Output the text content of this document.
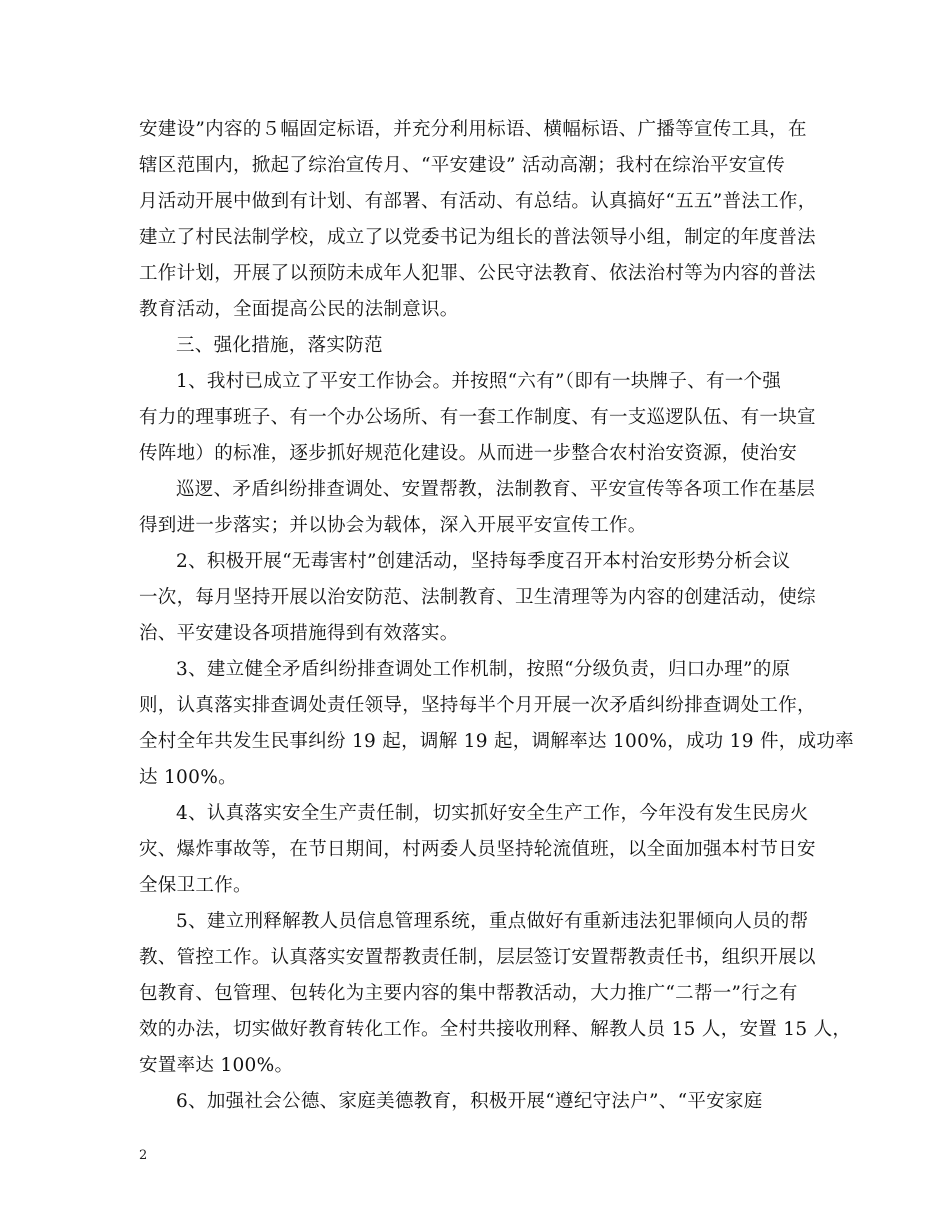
安建设”内容的５幅固定标语，并充分利用标语、横幅标语、广播等宣传工具，在
辖区范围内，掀起了综治宣传月、“平安建设” 活动高潮；我村在综治平安宣传
月活动开展中做到有计划、有部署、有活动、有总结。认真搞好“五五”普法工作，
建立了村民法制学校，成立了以党委书记为组长的普法领导小组，制定的年度普法
工作计划，开展了以预防未成年人犯罪、公民守法教育、依法治村等为内容的普法
教育活动，全面提高公民的法制意识。
三、强化措施，落实防范
1、我村已成立了平安工作协会。并按照“六有”（即有一块牌子、有一个强
有力的理事班子、有一个办公场所、有一套工作制度、有一支巡逻队伍、有一块宣
传阵地）的标准，逐步抓好规范化建设。从而进一步整合农村治安资源，使治安
巡逻、矛盾纠纷排查调处、安置帮教，法制教育、平安宣传等各项工作在基层
得到进一步落实；并以协会为载体，深入开展平安宣传工作。
2、积极开展“无毒害村”创建活动，坚持每季度召开本村治安形势分析会议
一次，每月坚持开展以治安防范、法制教育、卫生清理等为内容的创建活动，使综
治、平安建设各项措施得到有效落实。
3、建立健全矛盾纠纷排查调处工作机制，按照“分级负责，归口办理”的原
则，认真落实排查调处责任领导，坚持每半个月开展一次矛盾纠纷排查调处工作，
全村全年共发生民事纠纷 19 起，调解 19 起，调解率达 100%，成功 19 件，成功率
达 100%。
4、认真落实安全生产责任制，切实抓好安全生产工作，今年没有发生民房火
灾、爆炸事故等，在节日期间，村两委人员坚持轮流值班，以全面加强本村节日安
全保卫工作。
5、建立刑释解教人员信息管理系统，重点做好有重新违法犯罪倾向人员的帮
教、管控工作。认真落实安置帮教责任制，层层签订安置帮教责任书，组织开展以
包教育、包管理、包转化为主要内容的集中帮教活动，大力推广“二帮一”行之有
效的办法，切实做好教育转化工作。全村共接收刑释、解教人员 15 人，安置 15 人，
安置率达 100%。
6、加强社会公德、家庭美德教育，积极开展“遵纪守法户”、“平安家庭
2
